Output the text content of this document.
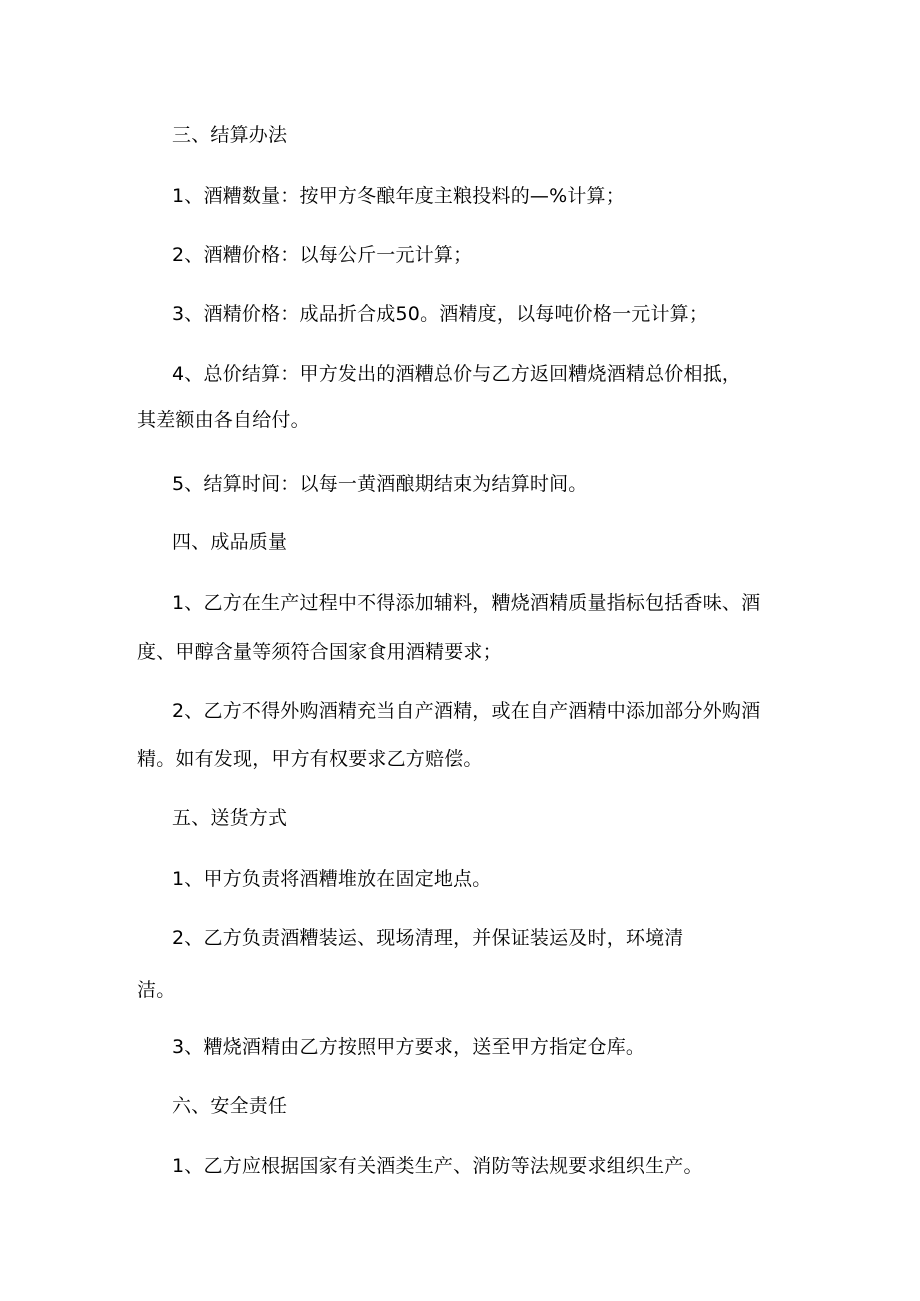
三、结算办法
1、酒糟数量：按甲方冬酿年度主粮投料的—%计算；
2、酒糟价格：以每公斤一元计算；
3、酒精价格：成品折合成50。酒精度，以每吨价格一元计算；
4、总价结算：甲方发出的酒糟总价与乙方返回糟烧酒精总价相抵，
其差额由各自给付。
5、结算时间：以每一黄酒酿期结束为结算时间。
四、成品质量
1、乙方在生产过程中不得添加辅料，糟烧酒精质量指标包括香味、酒
度、甲醇含量等须符合国家食用酒精要求；
2、乙方不得外购酒精充当自产酒精，或在自产酒精中添加部分外购酒
精。如有发现，甲方有权要求乙方赔偿。
五、送货方式
1、甲方负责将酒糟堆放在固定地点。
2、乙方负责酒糟装运、现场清理，并保证装运及时，环境清
洁。
3、糟烧酒精由乙方按照甲方要求，送至甲方指定仓库。
六、安全责任
1、乙方应根据国家有关酒类生产、消防等法规要求组织生产。
